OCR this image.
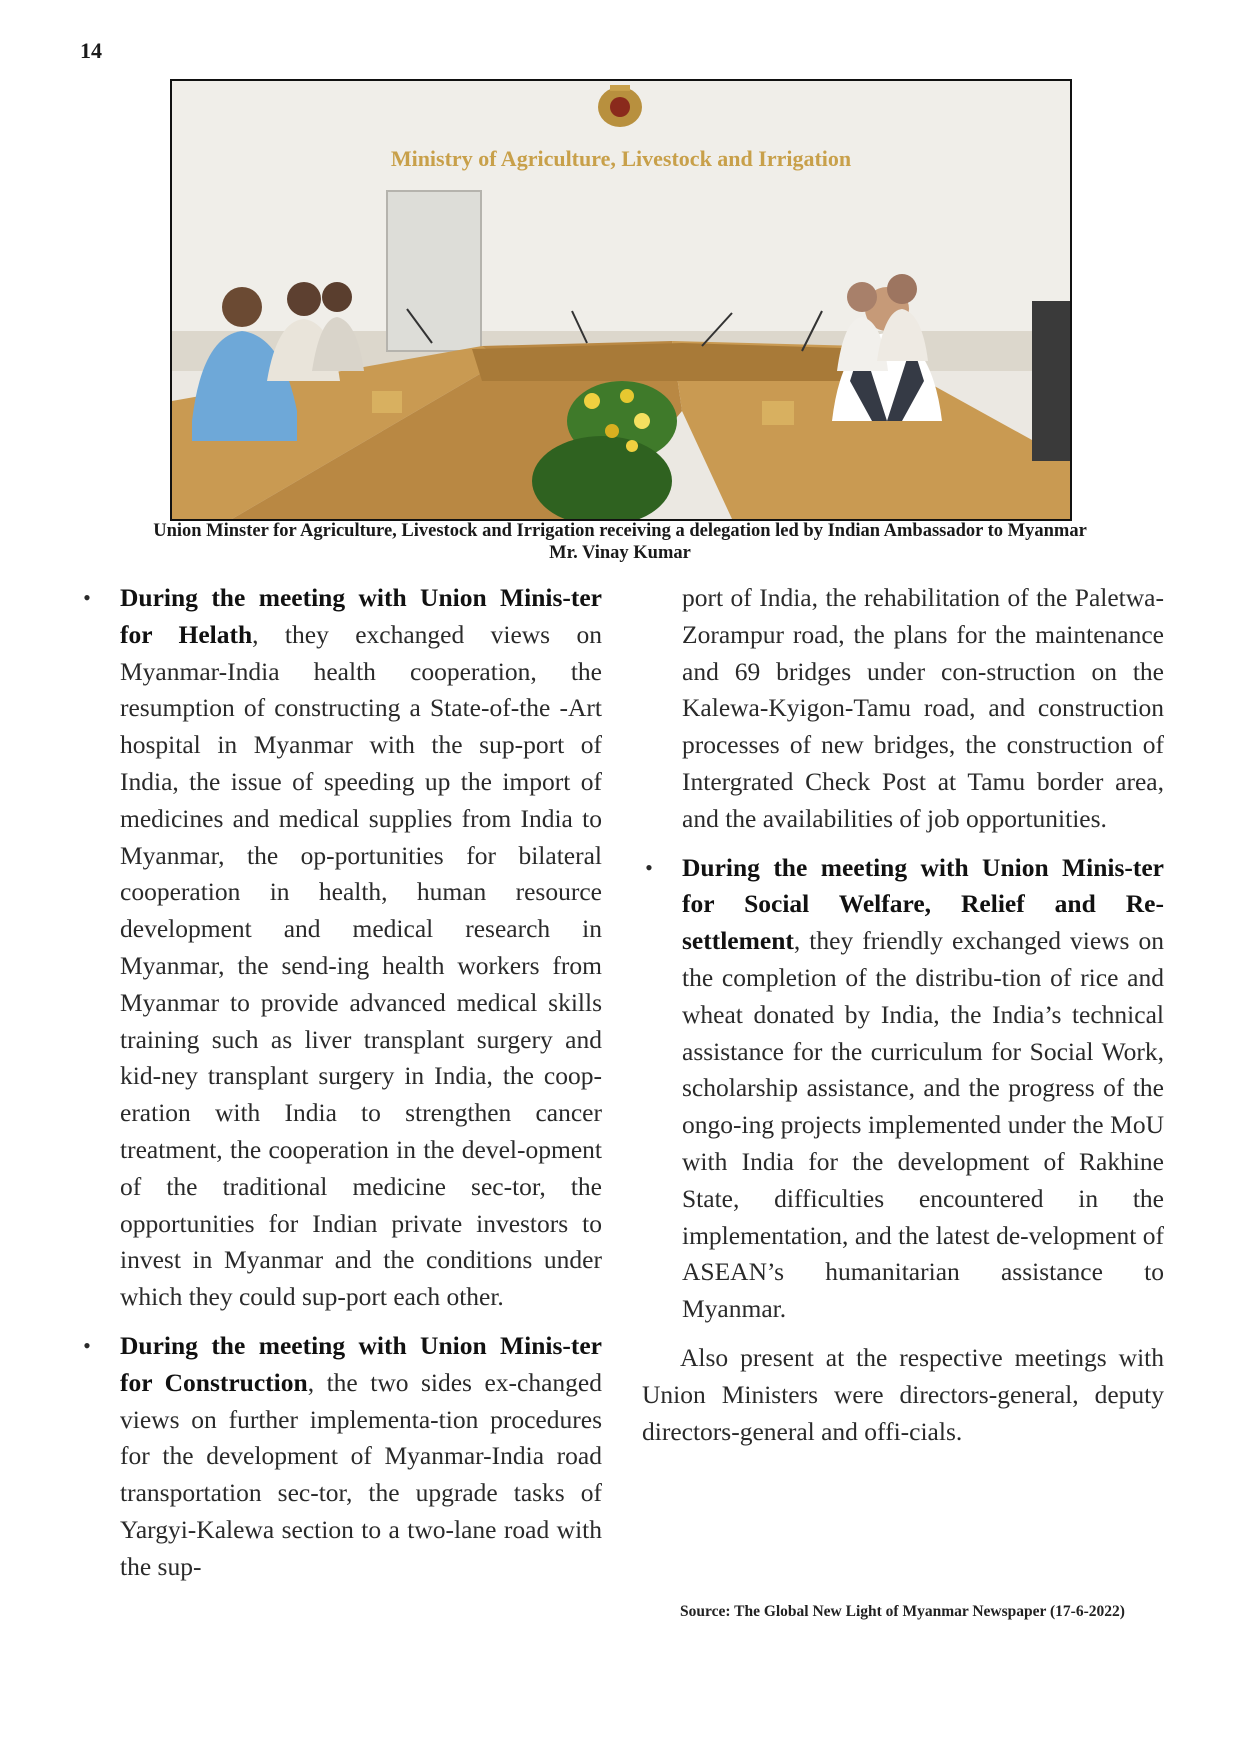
14
Ministry of Agriculture, Livestock and Irrigation
Union Minster for Agriculture, Livestock and Irrigation receiving a delegation led by Indian Ambassador to Myanmar
Mr. Vinay Kumar
• During the meeting with Union Minis-ter for Helath, they exchanged views on Myanmar-India health cooperation, the resumption of constructing a State-of-the -Art hospital in Myanmar with the sup-port of India, the issue of speeding up the import of medicines and medical supplies from India to Myanmar, the op-portunities for bilateral cooperation in health, human resource development and medical research in Myanmar, the send-ing health workers from Myanmar to provide advanced medical skills training such as liver transplant surgery and kid-ney transplant surgery in India, the coop-eration with India to strengthen cancer treatment, the cooperation in the devel-opment of the traditional medicine sec-tor, the opportunities for Indian private investors to invest in Myanmar and the conditions under which they could sup-port each other.
• During the meeting with Union Minis-ter for Construction, the two sides ex-changed views on further implementa-tion procedures for the development of Myanmar-India road transportation sec-tor, the upgrade tasks of Yargyi-Kalewa section to a two-lane road with the sup-
port of India, the rehabilitation of the Paletwa-Zorampur road, the plans for the maintenance and 69 bridges under con-struction on the Kalewa-Kyigon-Tamu road, and construction processes of new bridges, the construction of Intergrated Check Post at Tamu border area, and the availabilities of job opportunities.
• During the meeting with Union Minis-ter for Social Welfare, Relief and Re-settlement, they friendly exchanged views on the completion of the distribu-tion of rice and wheat donated by India, the India’s technical assistance for the curriculum for Social Work, scholarship assistance, and the progress of the ongo-ing projects implemented under the MoU with India for the development of Rakhine State, difficulties encountered in the implementation, and the latest de-velopment of ASEAN’s humanitarian assistance to Myanmar.

Also present at the respective meetings with Union Ministers were directors-general, deputy directors-general and offi-cials.

Source: The Global New Light of Myanmar Newspaper (17-6-2022)
